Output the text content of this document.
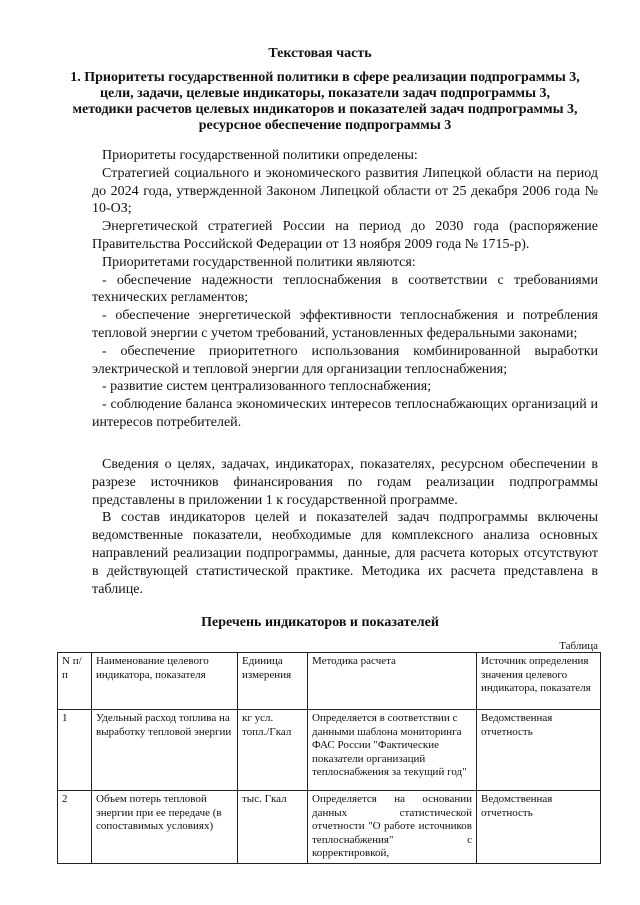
Текстовая часть
1. Приоритеты государственной политики в сфере реализации подпрограммы 3, цели, задачи, целевые индикаторы, показатели задач подпрограммы 3, методики расчетов целевых индикаторов и показателей задач подпрограммы 3, ресурсное обеспечение подпрограммы 3

Приоритеты государственной политики определены:

Стратегией социального и экономического развития Липецкой области на период до 2024 года, утвержденной Законом Липецкой области от 25 декабря 2006 года № 10-ОЗ;

Энергетической стратегией России на период до 2030 года (распоряжение Правительства Российской Федерации от 13 ноября 2009 года № 1715-р).

Приоритетами государственной политики являются:

- обеспечение надежности теплоснабжения в соответствии с требованиями технических регламентов;

- обеспечение энергетической эффективности теплоснабжения и потребления тепловой энергии с учетом требований, установленных федеральными законами;

- обеспечение приоритетного использования комбинированной выработки электрической и тепловой энергии для организации теплоснабжения;

- развитие систем централизованного теплоснабжения;

- соблюдение баланса экономических интересов теплоснабжающих организаций и интересов потребителей.

Сведения о целях, задачах, индикаторах, показателях, ресурсном обеспечении в разрезе источников финансирования по годам реализации подпрограммы представлены в приложении 1 к государственной программе.

В состав индикаторов целей и показателей задач подпрограммы включены ведомственные показатели, необходимые для комплексного анализа основных направлений реализации подпрограммы, данные, для расчета которых отсутствуют в действующей статистической практике. Методика их расчета представлена в таблице.

Перечень индикаторов и показателей
Таблица
N п/п	Наименование целевого индикатора, показателя	Единица измерения	Методика расчета	Источник определения значения целевого индикатора, показателя
1	Удельный расход топлива на выработку тепловой энергии	кг усл. топл./Гкал	Определяется в соответствии с данными шаблона мониторинга ФАС России "Фактические показатели организаций теплоснабжения за текущий год"	Ведомственная отчетность
2	Объем потерь тепловой энергии при ее передаче (в сопоставимых условиях)	тыс. Гкал	Определяется на основании данных статистической отчетности "О работе источников теплоснабжения" с корректировкой,	Ведомственная отчетность
